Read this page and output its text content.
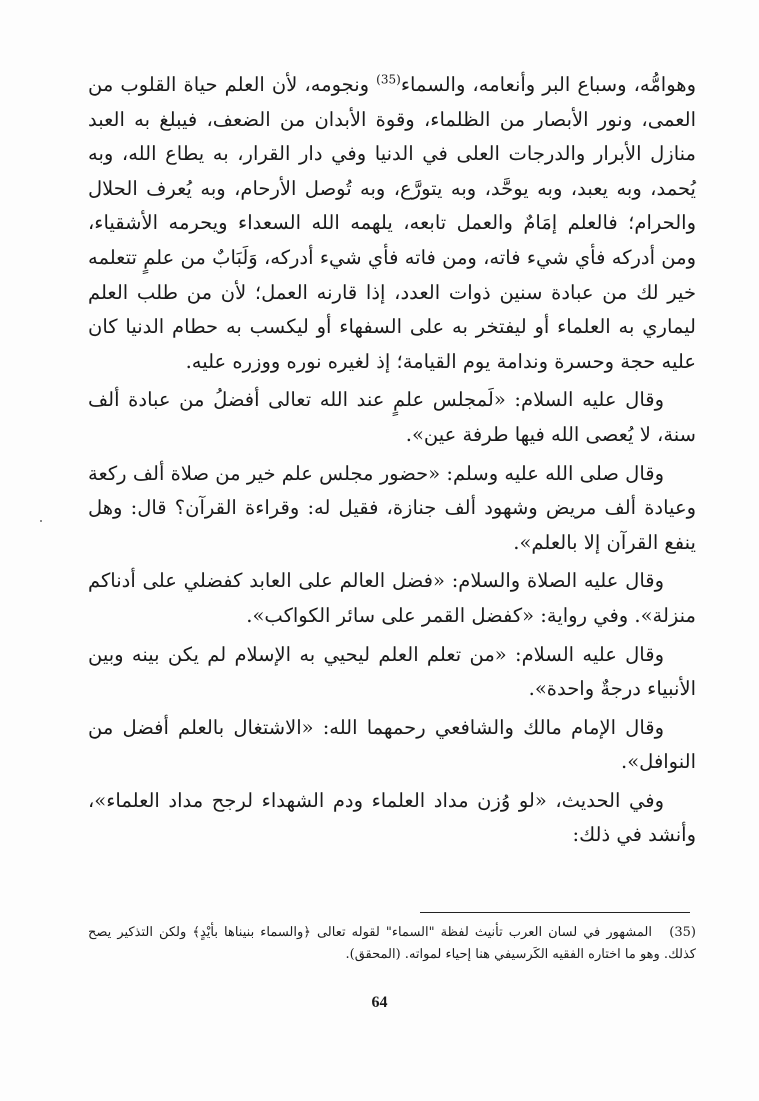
وهوامُّه، وسباع البر وأنعامه، والسماء$^{(35)}$ ونجومه، لأن العلم حياة القلوب من العمى، ونور الأبصار من الظلماء، وقوة الأبدان من الضعف، فيبلغ به العبد منازل الأبرار والدرجات العلى في الدنيا وفي دار القرار، به يطاع الله، وبه يُحمد، وبه يعبد، وبه يوحَّد، وبه يتورَّع، وبه تُوصل الأرحام، وبه يُعرف الحلال والحرام؛ فالعلم إمَامٌ والعمل تابعه، يلهمه الله السعداء ويحرمه الأشقياء، ومن أدركه فأي شيء فاته، ومن فاته فأي شيء أدركه، وَلَبَابٌ من علمٍ تتعلمه خير لك من عبادة سنين ذوات العدد، إذا قارنه العمل؛ لأن من طلب العلم ليماري به العلماء أو ليفتخر به على السفهاء أو ليكسب به حطام الدنيا كان عليه حجة وحسرة وندامة يوم القيامة؛ إذ لغيره نوره ووزره عليه.

وقال عليه السلام: «لَمجلس علمٍ عند الله تعالى أفضلُ من عبادة ألف سنة، لا يُعصى الله فيها طرفة عين».

وقال صلى الله عليه وسلم: «حضور مجلس علم خير من صلاة ألف ركعة وعيادة ألف مريض وشهود ألف جنازة، فقيل له: وقراءة القرآن؟ قال: وهل ينفع القرآن إلا بالعلم».

وقال عليه الصلاة والسلام: «فضل العالم على العابد كفضلي على أدناكم منزلة». وفي رواية: «كفضل القمر على سائر الكواكب».

وقال عليه السلام: «من تعلم العلم ليحيي به الإسلام لم يكن بينه وبين الأنبياء درجةٌ واحدة».

وقال الإمام مالك والشافعي رحمهما الله: «الاشتغال بالعلم أفضل من النوافل».

وفي الحديث، «لو وُزن مداد العلماء ودم الشهداء لرجح مداد العلماء»، وأنشد في ذلك:

(35)المشهور في لسان العرب تأنيث لفظة "السماء" لقوله تعالى ﴿والسماء بنيناها بأيْدٍ﴾ ولكن التذكير يصح كذلك. وهو ما اختاره الفقيه الكَرسيفي هنا إحياء لمواته. (المحقق).
64
